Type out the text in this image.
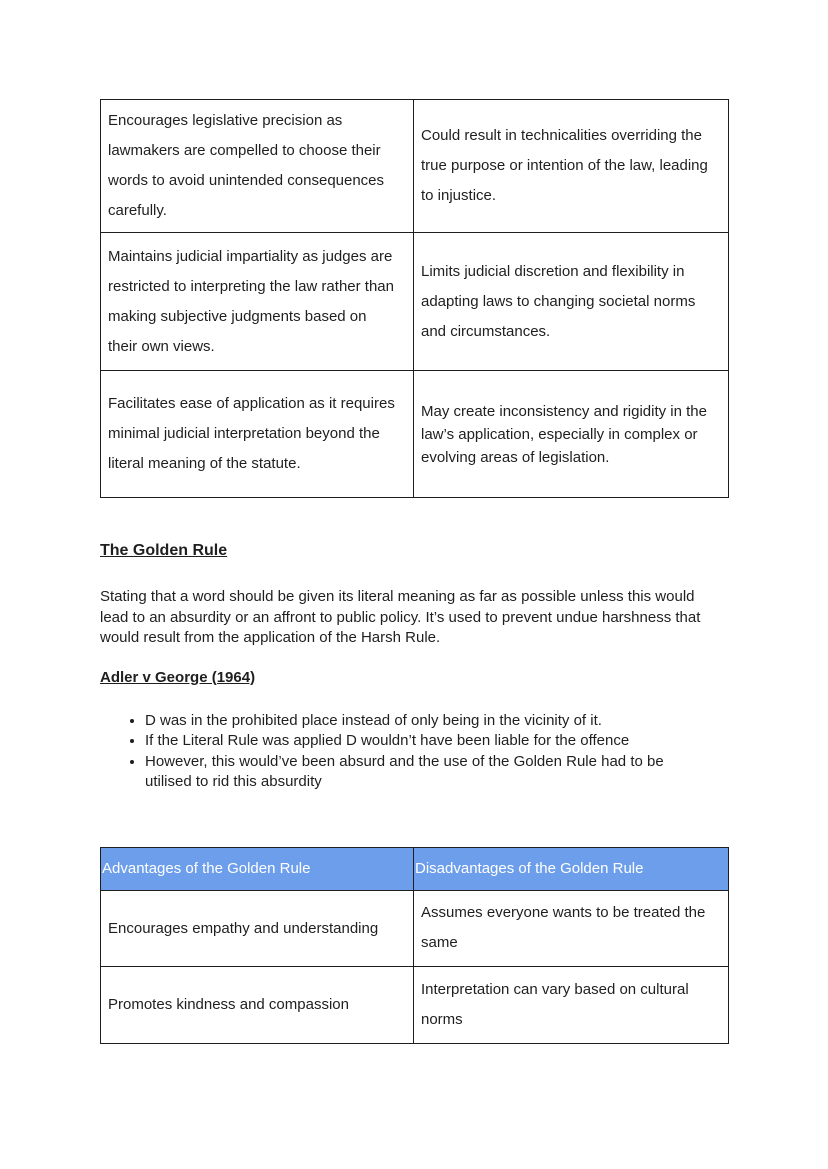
Encourages legislative precision as lawmakers are compelled to choose their words to avoid unintended consequences carefully.	Could result in technicalities overriding the true purpose or intention of the law, leading to injustice.
Maintains judicial impartiality as judges are restricted to interpreting the law rather than making subjective judgments based on their own views.	Limits judicial discretion and flexibility in adapting laws to changing societal norms and circumstances.
Facilitates ease of application as it requires minimal judicial interpretation beyond the literal meaning of the statute.	May create inconsistency and rigidity in the law’s application, especially in complex or evolving areas of legislation.
The Golden Rule

Stating that a word should be given its literal meaning as far as possible unless this would lead to an absurdity or an affront to public policy. It’s used to prevent undue harshness that would result from the application of the Harsh Rule.

Adler v George (1964)
• D was in the prohibited place instead of only being in the vicinity of it.
• If the Literal Rule was applied D wouldn’t have been liable for the offence
• However, this would’ve been absurd and the use of the Golden Rule had to be utilised to rid this absurdity
Advantages of the Golden Rule	Disadvantages of the Golden Rule
Encourages empathy and understanding	Assumes everyone wants to be treated the same
Promotes kindness and compassion	Interpretation can vary based on cultural norms
